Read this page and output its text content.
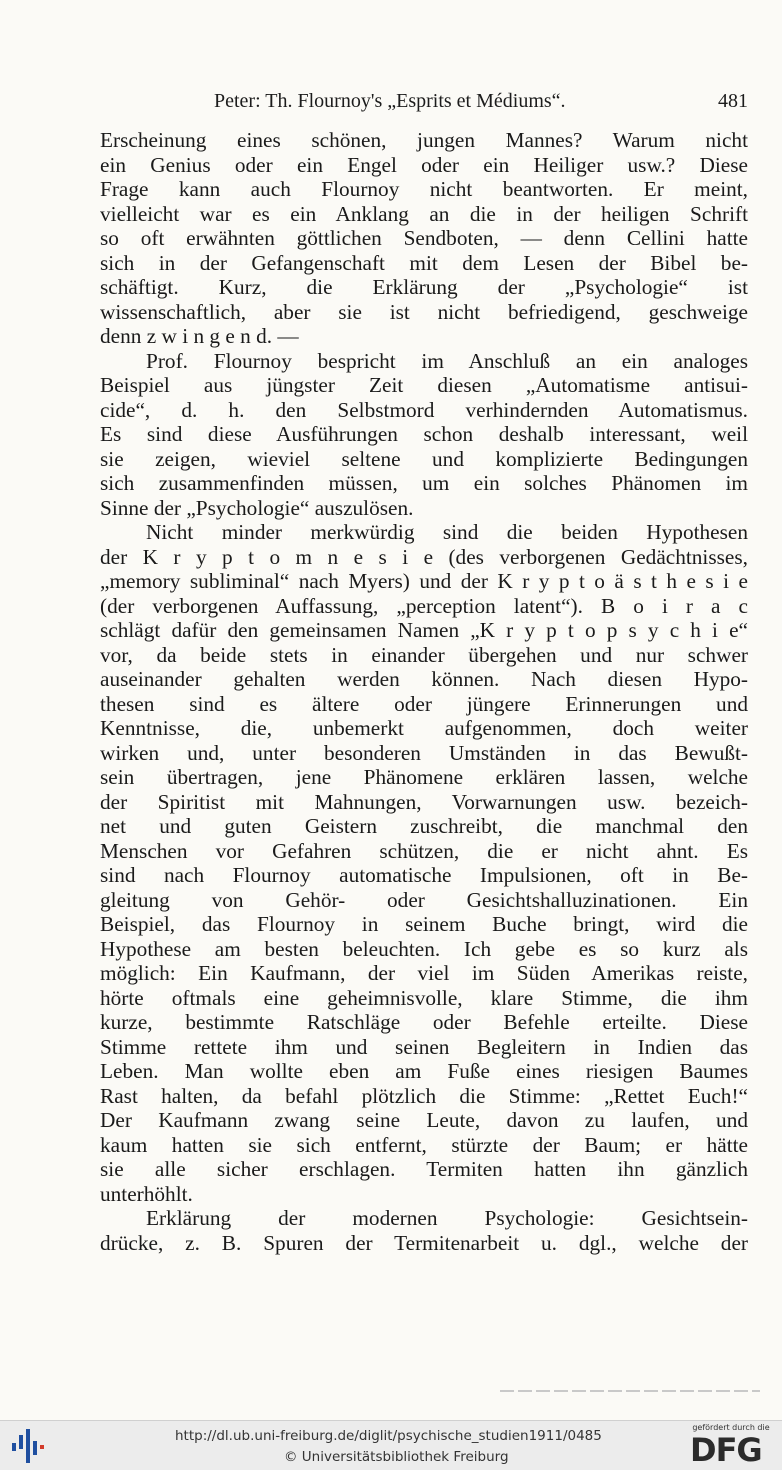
Peter: Th. Flournoy's „Esprits et Médiums“.	481
Erscheinung eines schönen, jungen Mannes? Warum nicht
ein Genius oder ein Engel oder ein Heiliger usw.? Diese
Frage kann auch Flournoy nicht beantworten. Er meint,
vielleicht war es ein Anklang an die in der heiligen Schrift
so oft erwähnten göttlichen Sendboten, — denn Cellini hatte
sich in der Gefangenschaft mit dem Lesen der Bibel be-
schäftigt. Kurz, die Erklärung der „Psychologie“ ist
wissenschaftlich, aber sie ist nicht befriedigend, geschweige
denn z w i n g e n d. —
Prof. Flournoy bespricht im Anschluß an ein analoges
Beispiel aus jüngster Zeit diesen „Automatisme antisui-
cide“, d. h. den Selbstmord verhindernden Automatismus.
Es sind diese Ausführungen schon deshalb interessant, weil
sie zeigen, wieviel seltene und komplizierte Bedingungen
sich zusammenfinden müssen, um ein solches Phänomen im
Sinne der „Psychologie“ auszulösen.
Nicht minder merkwürdig sind die beiden Hypothesen
der K r y p t o m n e s i e (des verborgenen Gedächtnisses,
„memory subliminal“ nach Myers) und der K r y p t o ä s t h e s i e
(der verborgenen Auffassung, „perception latent“). B o i r a c
schlägt dafür den gemeinsamen Namen „K r y p t o p s y c h i e“
vor, da beide stets in einander übergehen und nur schwer
auseinander gehalten werden können. Nach diesen Hypo-
thesen sind es ältere oder jüngere Erinnerungen und
Kenntnisse, die, unbemerkt aufgenommen, doch weiter
wirken und, unter besonderen Umständen in das Bewußt-
sein übertragen, jene Phänomene erklären lassen, welche
der Spiritist mit Mahnungen, Vorwarnungen usw. bezeich-
net und guten Geistern zuschreibt, die manchmal den
Menschen vor Gefahren schützen, die er nicht ahnt. Es
sind nach Flournoy automatische Impulsionen, oft in Be-
gleitung von Gehör- oder Gesichtshalluzinationen. Ein
Beispiel, das Flournoy in seinem Buche bringt, wird die
Hypothese am besten beleuchten. Ich gebe es so kurz als
möglich: Ein Kaufmann, der viel im Süden Amerikas reiste,
hörte oftmals eine geheimnisvolle, klare Stimme, die ihm
kurze, bestimmte Ratschläge oder Befehle erteilte. Diese
Stimme rettete ihm und seinen Begleitern in Indien das
Leben. Man wollte eben am Fuße eines riesigen Baumes
Rast halten, da befahl plötzlich die Stimme: „Rettet Euch!“
Der Kaufmann zwang seine Leute, davon zu laufen, und
kaum hatten sie sich entfernt, stürzte der Baum; er hätte
sie alle sicher erschlagen. Termiten hatten ihn gänzlich
unterhöhlt.
Erklärung der modernen Psychologie: Gesichtsein-
drücke, z. B. Spuren der Termitenarbeit u. dgl., welche der
http://dl.ub.uni-freiburg.de/diglit/psychische_studien1911/0485
© Universitätsbibliothek Freiburg
gefördert durch die
DFG
